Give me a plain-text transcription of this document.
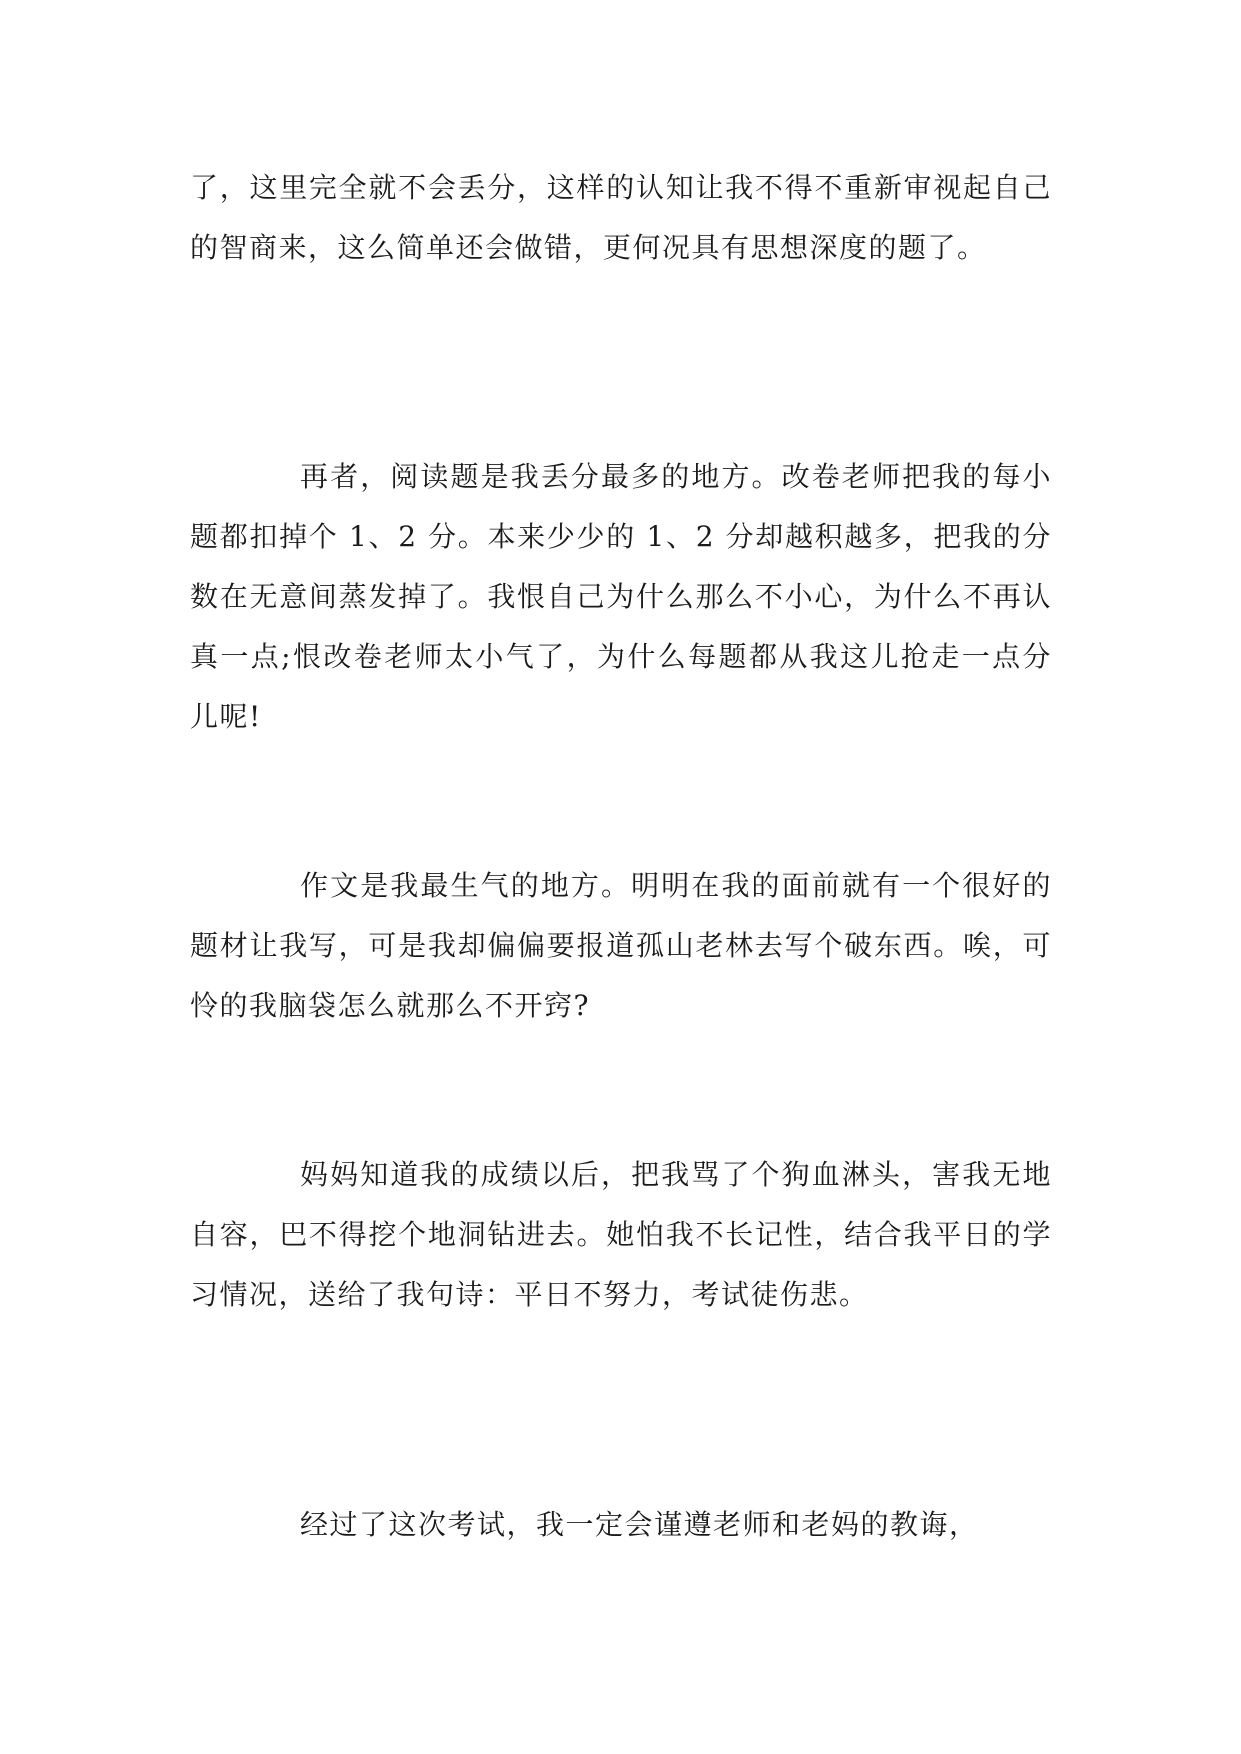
了，这里完全就不会丢分，这样的认知让我不得不重新审视起自己的智商来，这么简单还会做错，更何况具有思想深度的题了。

再者，阅读题是我丢分最多的地方。改卷老师把我的每小题都扣掉个 1、2 分。本来少少的 1、2 分却越积越多，把我的分数在无意间蒸发掉了。我恨自己为什么那么不小心，为什么不再认真一点;恨改卷老师太小气了，为什么每题都从我这儿抢走一点分儿呢!

作文是我最生气的地方。明明在我的面前就有一个很好的题材让我写，可是我却偏偏要报道孤山老林去写个破东西。唉，可怜的我脑袋怎么就那么不开窍?

妈妈知道我的成绩以后，把我骂了个狗血淋头，害我无地自容，巴不得挖个地洞钻进去。她怕我不长记性，结合我平日的学习情况，送给了我句诗：平日不努力，考试徒伤悲。

经过了这次考试，我一定会谨遵老师和老妈的教诲，
